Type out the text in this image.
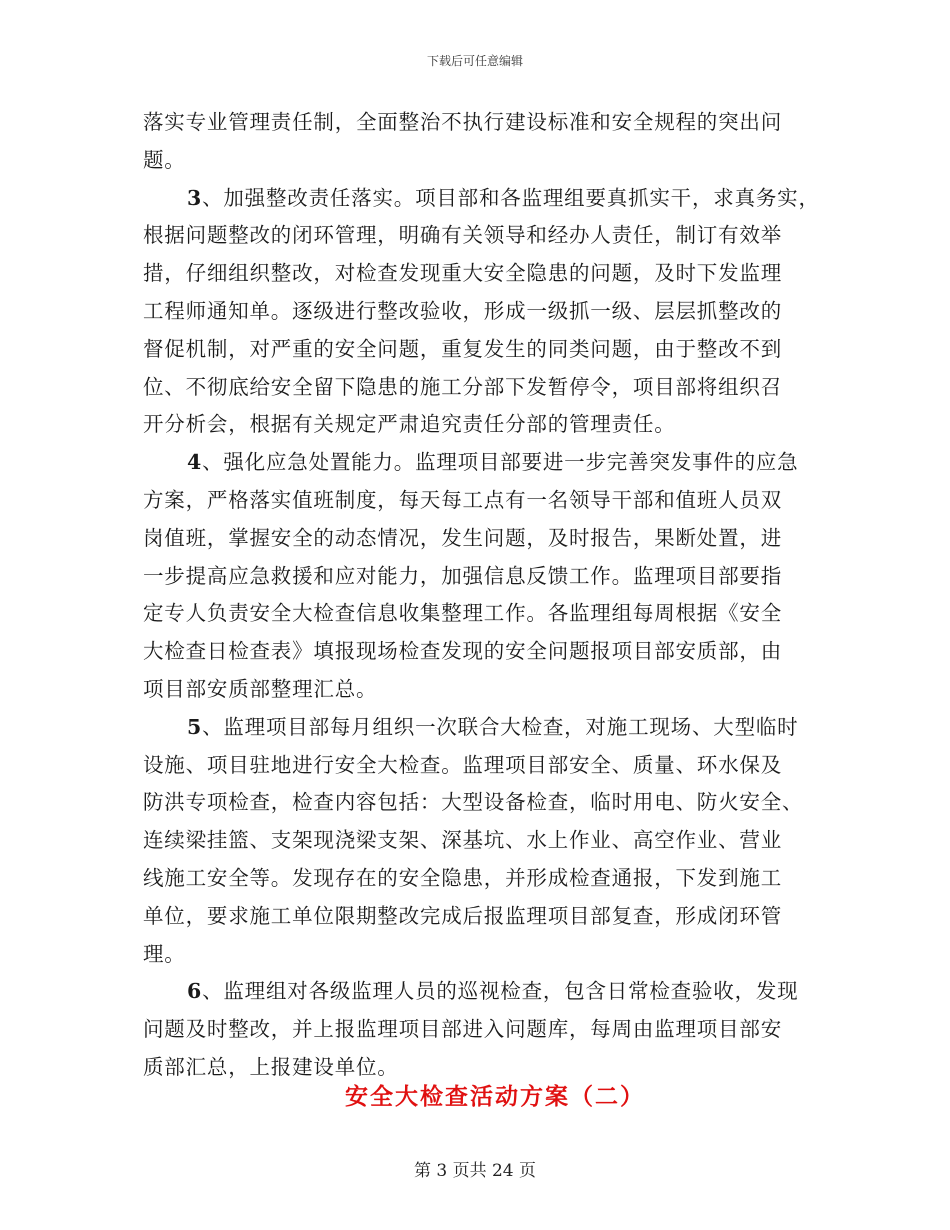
下载后可任意编辑
落实专业管理责任制，全面整治不执行建设标准和安全规程的突出问
题。
3、加强整改责任落实。项目部和各监理组要真抓实干，求真务实，
根据问题整改的闭环管理，明确有关领导和经办人责任，制订有效举
措，仔细组织整改，对检查发现重大安全隐患的问题，及时下发监理
工程师通知单。逐级进行整改验收，形成一级抓一级、层层抓整改的
督促机制，对严重的安全问题，重复发生的同类问题，由于整改不到
位、不彻底给安全留下隐患的施工分部下发暂停令，项目部将组织召
开分析会，根据有关规定严肃追究责任分部的管理责任。
4、强化应急处置能力。监理项目部要进一步完善突发事件的应急
方案，严格落实值班制度，每天每工点有一名领导干部和值班人员双
岗值班，掌握安全的动态情况，发生问题，及时报告，果断处置，进
一步提高应急救援和应对能力，加强信息反馈工作。监理项目部要指
定专人负责安全大检查信息收集整理工作。各监理组每周根据《安全
大检查日检查表》填报现场检查发现的安全问题报项目部安质部，由
项目部安质部整理汇总。
5、监理项目部每月组织一次联合大检查，对施工现场、大型临时
设施、项目驻地进行安全大检查。监理项目部安全、质量、环水保及
防洪专项检查，检查内容包括：大型设备检查，临时用电、防火安全、
连续梁挂篮、支架现浇梁支架、深基坑、水上作业、高空作业、营业
线施工安全等。发现存在的安全隐患，并形成检查通报，下发到施工
单位，要求施工单位限期整改完成后报监理项目部复查，形成闭环管
理。
6、监理组对各级监理人员的巡视检查，包含日常检查验收，发现
问题及时整改，并上报监理项目部进入问题库，每周由监理项目部安
质部汇总，上报建设单位。
安全大检查活动方案（二）
第 3 页共 24 页
